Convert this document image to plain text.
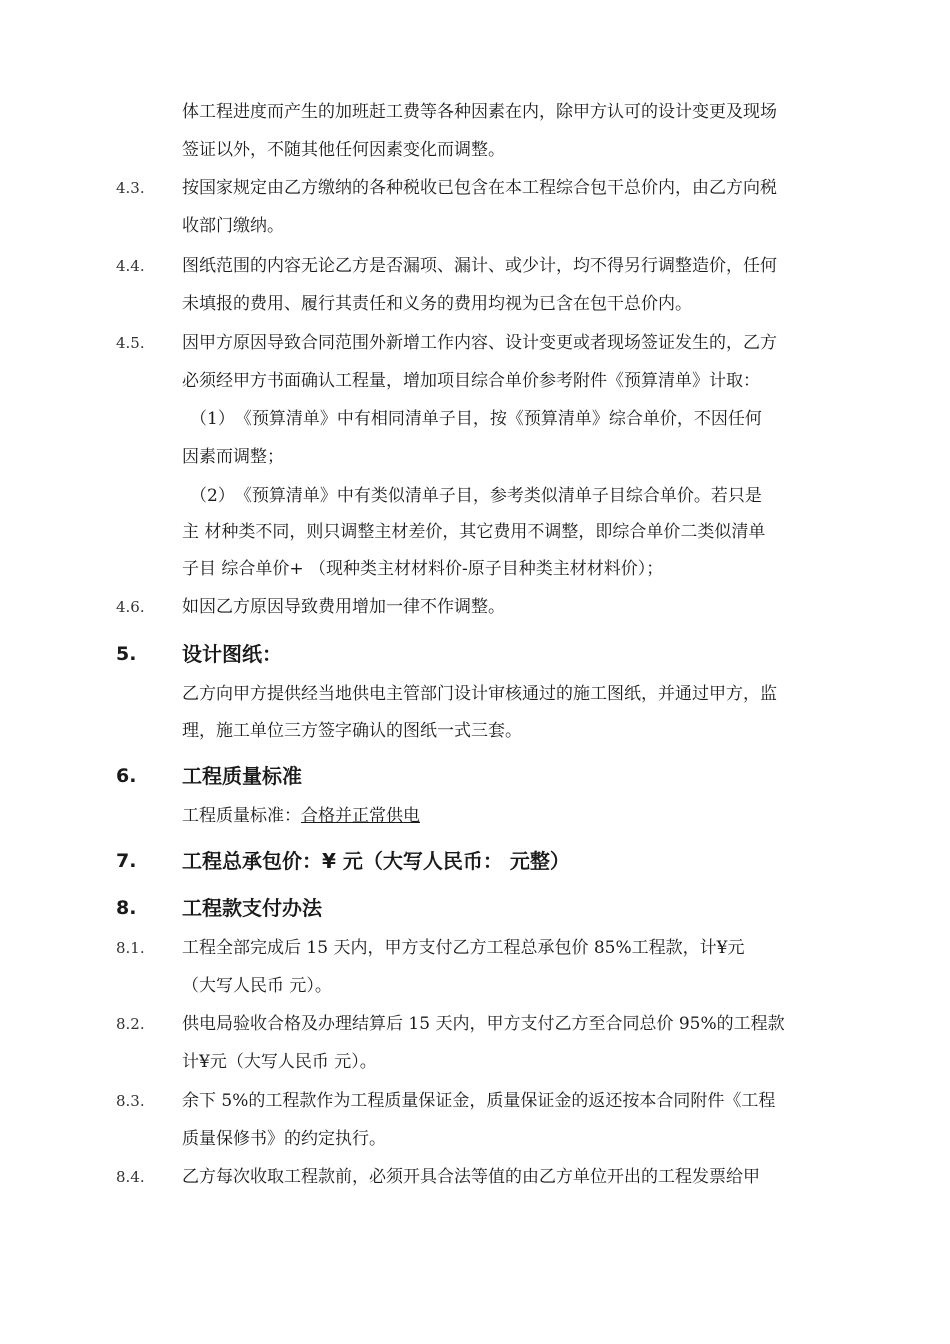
体工程进度而产生的加班赶工费等各种因素在内，除甲方认可的设计变更及现场
签证以外，不随其他任何因素变化而调整。
4.3. 按国家规定由乙方缴纳的各种税收已包含在本工程综合包干总价内，由乙方向税
收部门缴纳。
4.4. 图纸范围的内容无论乙方是否漏项、漏计、或少计，均不得另行调整造价，任何
未填报的费用、履行其责任和义务的费用均视为已含在包干总价内。
4.5. 因甲方原因导致合同范围外新增工作内容、设计变更或者现场签证发生的，乙方
必须经甲方书面确认工程量，增加项目综合单价参考附件《预算清单》计取：
（1）　《预算清单》中有相同清单子目，按《预算清单》综合单价，不因任何
因素而调整；
（2）　《预算清单》中有类似清单子目，参考类似清单子目综合单价。若只是
主 材种类不同，则只调整主材差价，其它费用不调整，即综合单价二类似清单
子目 综合单价+ （现种类主材材料价-原子目种类主材材料价）；
4.6. 如因乙方原因导致费用增加一律不作调整。
5. 设计图纸：
乙方向甲方提供经当地供电主管部门设计审核通过的施工图纸，并通过甲方，监
理，施工单位三方签字确认的图纸一式三套。
6. 工程质量标准
工程质量标准：合格并正常供电
7. 工程总承包价：¥ 元（大写人民币： 元整）
8. 工程款支付办法
8.1. 工程全部完成后 15 天内，甲方支付乙方工程总承包价 85%工程款，计¥元
（大写人民币 元）。
8.2. 供电局验收合格及办理结算后 15 天内，甲方支付乙方至合同总价 95%的工程款
计¥元（大写人民币 元）。
8.3. 余下 5%的工程款作为工程质量保证金，质量保证金的返还按本合同附件《工程
质量保修书》的约定执行。
8.4. 乙方每次收取工程款前，必须开具合法等值的由乙方单位开出的工程发票给甲
